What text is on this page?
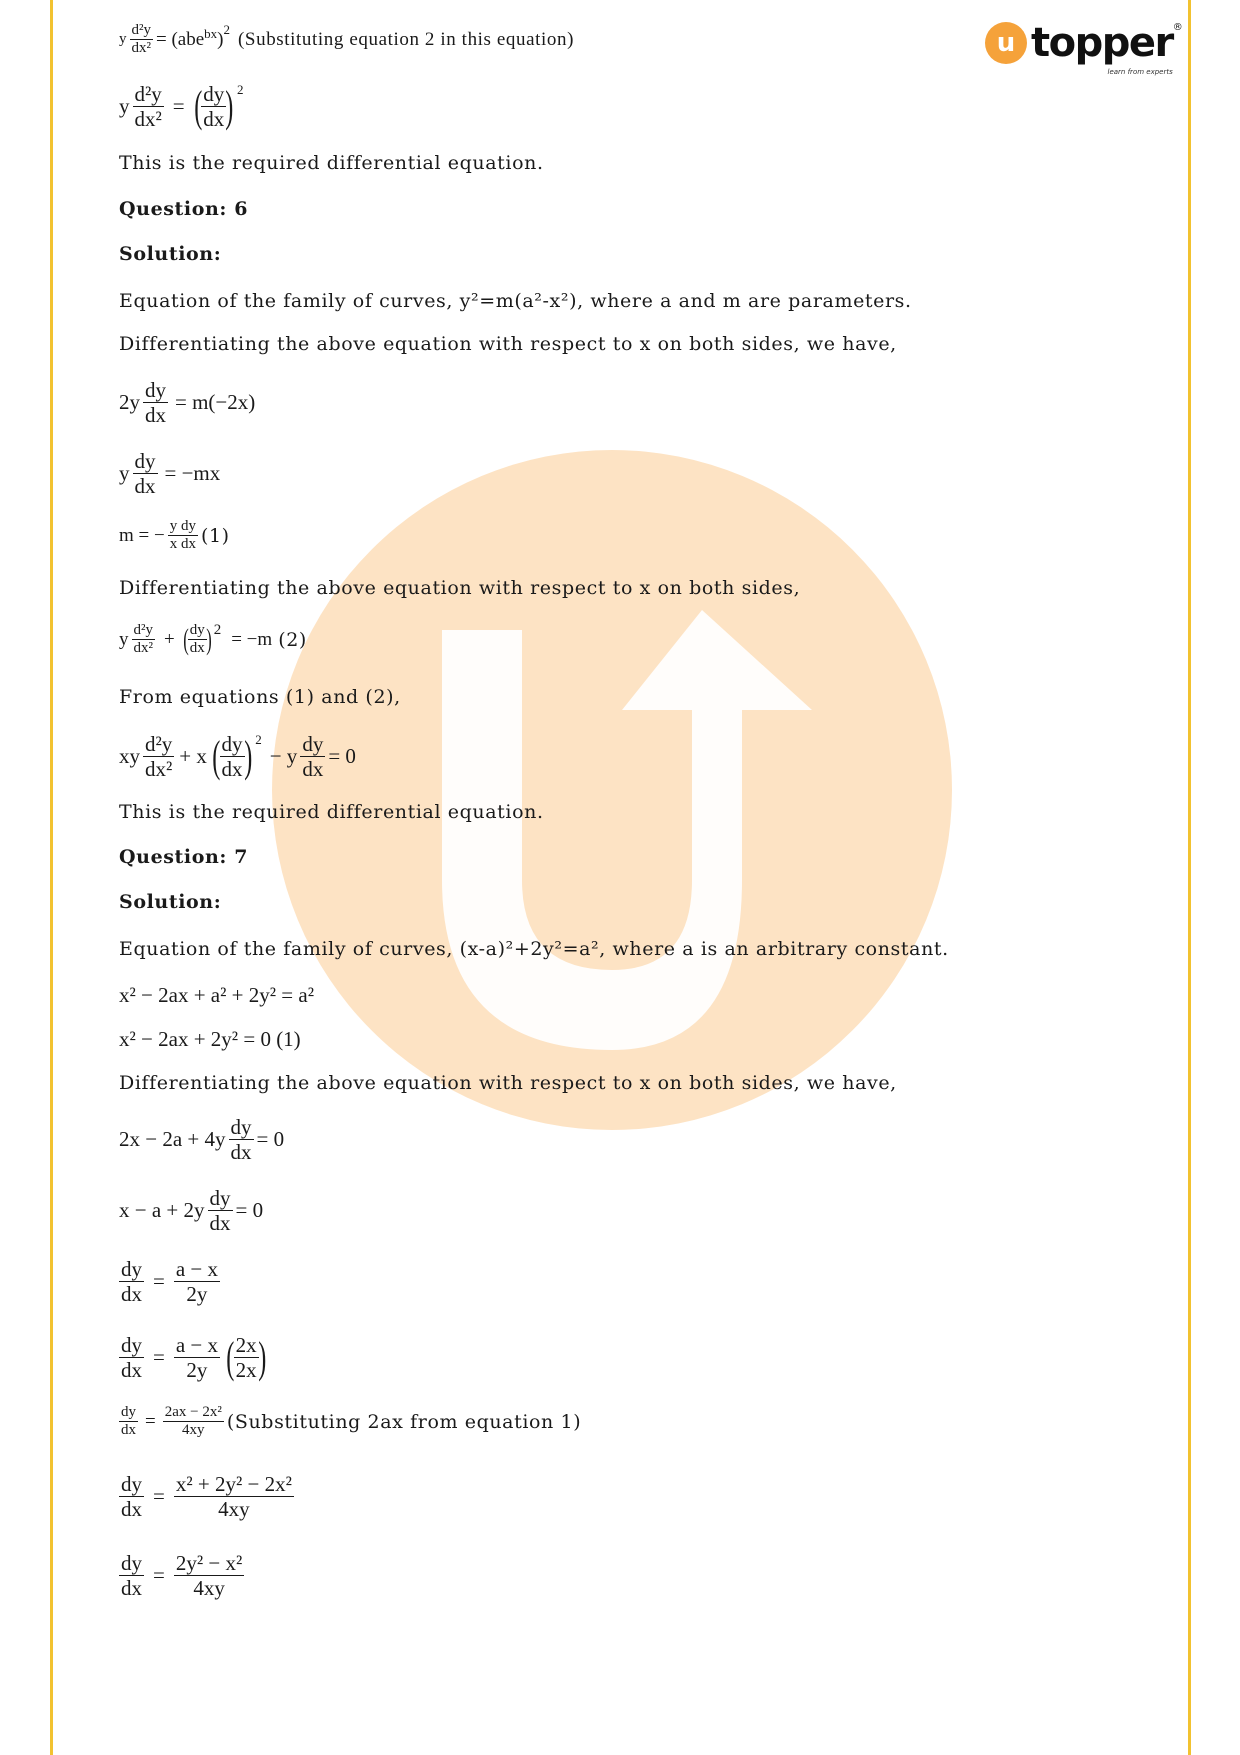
u topper ®
learn from experts
y $\frac{\text{d²y}}{\text{dx²}} = (abe$ bx ) 2 (Substituting equation 2 in this equation)
y $\frac{\text{d²y}}{\text{dx²}}$ = ( $\frac{dy}{dx}$ ) $^2$
This is the required differential equation.
Question: 6
Solution:
Equation of the family of curves, y²=m(a²-x²), where a and m are parameters.
Differentiating the above equation with respect to x on both sides, we have,
$2y \frac{dy}{dx} = m(-2x)$
y $\frac{dy}{dx} = -mx$
m = − $\frac{\text{y dy}}{\text{x dx}} (1)$
Differentiating the above equation with respect to x on both sides,
y $\frac{\text{d²y}}{\text{dx²}}$ + ( $\frac{dy}{dx}$ ) 2 = −m (2)
From equations (1) and (2),
xy $\frac{\text{d²y}}{\text{dx²}} + x$ ( $\frac{dy}{dx}$ ) $^2$
− y $\frac{dy}{dx} = 0$
This is the required differential equation.
Question: 7
Solution:
Equation of the family of curves, (x-a)²+2y²=a², where a is an arbitrary constant.
x² − 2ax + a² + 2y² = a²
x² − 2ax + 2y² = 0 (1)
Differentiating the above equation with respect to x on both sides, we have,
$2x - 2a + 4y \frac{dy}{dx} = 0$
$x - a + 2y \frac{dy}{dx} = 0$
$\frac{dy}{dx} = \frac{a - x}{2y}$
$\frac{dy}{dx} = \frac{a - x}{2y}$ ( $\frac{2x}{2x}$ )
$\frac{dy}{dx} = \frac{\text{2ax − 2x²}}{4xy}$ (Substituting 2ax from equation 1)
$\frac{dy}{dx} = \frac{\text{x² + 2y² − 2x²}}{4xy}$
$\frac{dy}{dx} = \frac{\text{2y² − x²}}{4xy}$
